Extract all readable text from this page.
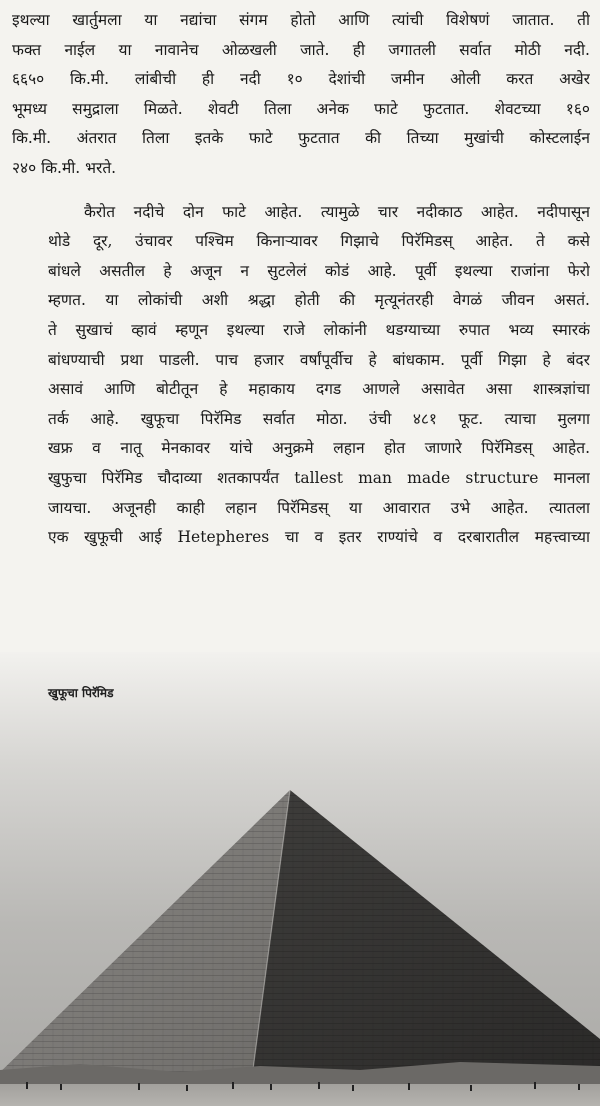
इथल्या खार्तुमला या नद्यांचा संगम होतो आणि त्यांची विशेषणं जातात. ती
फक्त नाईल या नावानेच ओळखली जाते. ही जगातली सर्वात मोठी नदी.
६६५० कि.मी. लांबीची ही नदी १० देशांची जमीन ओली करत अखेर
भूमध्य समुद्राला मिळते. शेवटी तिला अनेक फाटे फुटतात. शेवटच्या १६०
कि.मी. अंतरात तिला इतके फाटे फुटतात की तिच्या मुखांची कोस्टलाईन
२४० कि.मी. भरते.

कैरोत नदीचे दोन फाटे आहेत. त्यामुळे चार नदीकाठ आहेत. नदीपासून
थोडे दूर, उंचावर पश्चिम किनाऱ्यावर गिझाचे पिरॅमिडस् आहेत. ते कसे
बांधले असतील हे अजून न सुटलेलं कोडं आहे. पूर्वी इथल्या राजांना फेरो
म्हणत. या लोकांची अशी श्रद्धा होती की मृत्यूनंतरही वेगळं जीवन असतं.
ते सुखाचं व्हावं म्हणून इथल्या राजे लोकांनी थडग्याच्या रुपात भव्य स्मारकं
बांधण्याची प्रथा पाडली. पाच हजार वर्षांपूर्वीच हे बांधकाम. पूर्वी गिझा हे बंदर
असावं आणि बोटीतून हे महाकाय दगड आणले असावेत असा शास्त्रज्ञांचा
तर्क आहे. खुफूचा पिरॅमिड सर्वात मोठा. उंची ४८१ फूट. त्याचा मुलगा
खफ्र व नातू मेनकावर यांचे अनुक्रमे लहान होत जाणारे पिरॅमिडस् आहेत.
खुफुचा पिरॅमिड चौदाव्या शतकापर्यंत tallest man made structure मानला
जायचा. अजूनही काही लहान पिरॅमिडस् या आवारात उभे आहेत. त्यातला
एक खुफूची आई Hetepheres चा व इतर राण्यांचे व दरबारातील महत्त्वाच्या

खुफूचा पिरॅमिड
